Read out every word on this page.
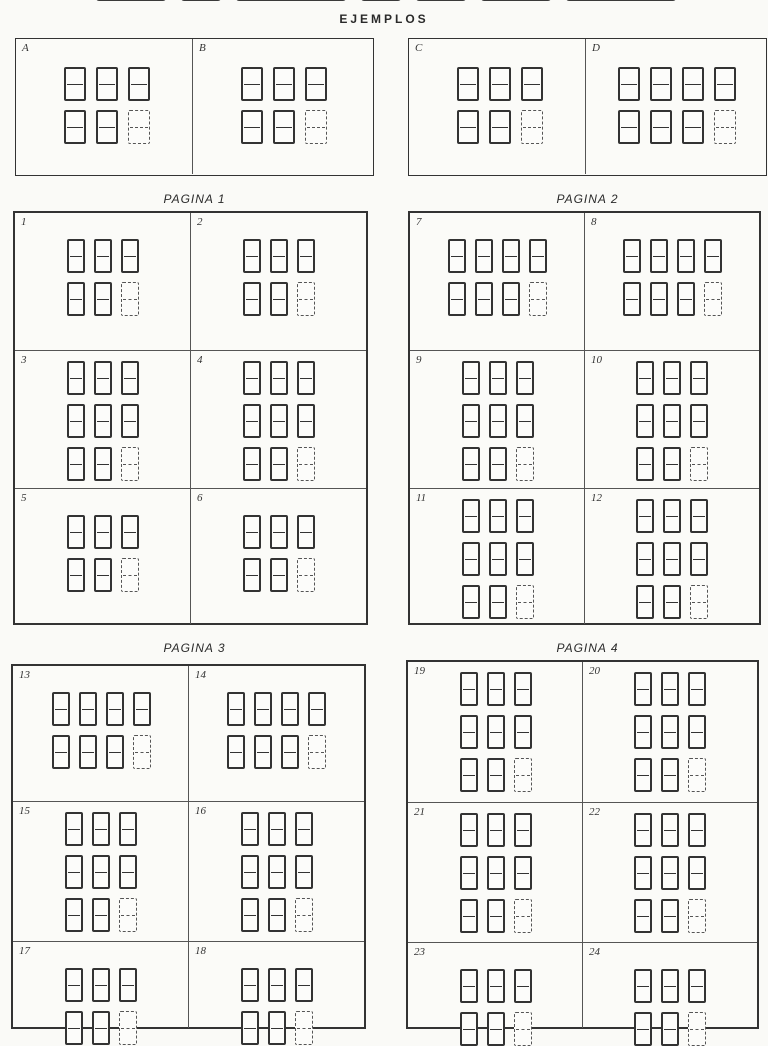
EJEMPLOS
A	B	C	D
PAGINA 1	PAGINA 2
PAGINA 3	PAGINA 4
1	2
3	4
5	6
7	8
9	10
11	12
13	14
15	16
17	18
19	20
21	22
23	24
